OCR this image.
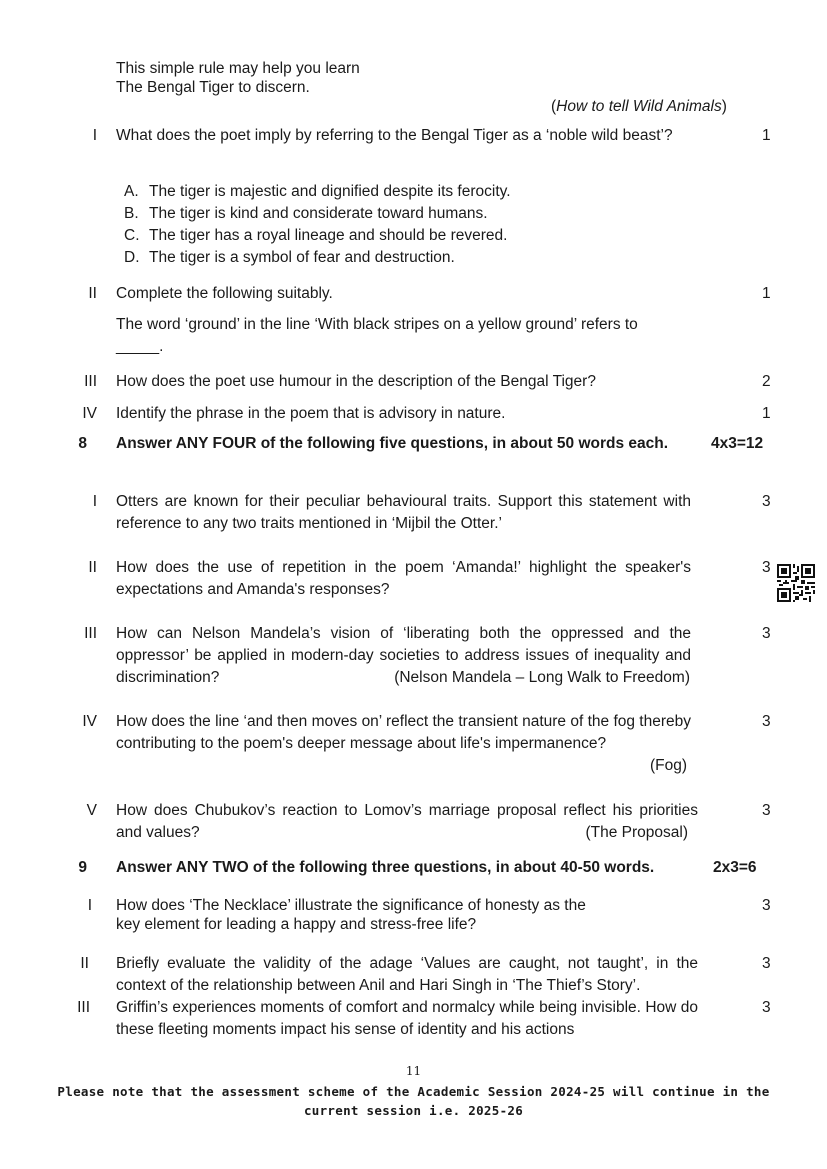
This simple rule may help you learn
The Bengal Tiger to discern.
(How to tell Wild Animals)
I What does the poet imply by referring to the Bengal Tiger as a ‘noble wild beast’?	1
A. The tiger is majestic and dignified despite its ferocity.
B. The tiger is kind and considerate toward humans.
C. The tiger has a royal lineage and should be revered.
D. The tiger is a symbol of fear and destruction.
II Complete the following suitably.	1
The word ‘ground’ in the line ‘With black stripes on a yellow ground’ refers to _____.
III How does the poet use humour in the description of the Bengal Tiger?	2
IV Identify the phrase in the poem that is advisory in nature.	1
8 Answer ANY FOUR of the following five questions, in about 50 words each.	4x3=12
I Otters are known for their peculiar behavioural traits. Support this statement with reference to any two traits mentioned in ‘Mijbil the Otter.’
3
II How does the use of repetition in the poem ‘Amanda!’ highlight the speaker's expectations and Amanda's responses?
3
III How can Nelson Mandela’s vision of ‘liberating both the oppressed and the oppressor’ be applied in modern-day societies to address issues of inequality and discrimination?	(Nelson Mandela – Long Walk to Freedom)
3
IV How does the line ‘and then moves on’ reflect the transient nature of the fog thereby contributing to the poem's deeper message about life's impermanence?
(Fog)
3
V How does Chubukov’s reaction to Lomov’s marriage proposal reflect his priorities and values?	(The Proposal)
3
9 Answer ANY TWO of the following three questions, in about 40-50 words.	2x3=6
I How does ‘The Necklace’ illustrate the significance of honesty as the
key element for leading a happy and stress-free life?
3
II Briefly evaluate the validity of the adage ‘Values are caught, not taught’, in the context of the relationship between Anil and Hari Singh in ‘The Thief’s Story’.
3
III Griffin’s experiences moments of comfort and normalcy while being invisible. How do these fleeting moments impact his sense of identity and his actions
3
11
Please note that the assessment scheme of the Academic Session 2024-25 will continue in the
current session i.e. 2025-26
